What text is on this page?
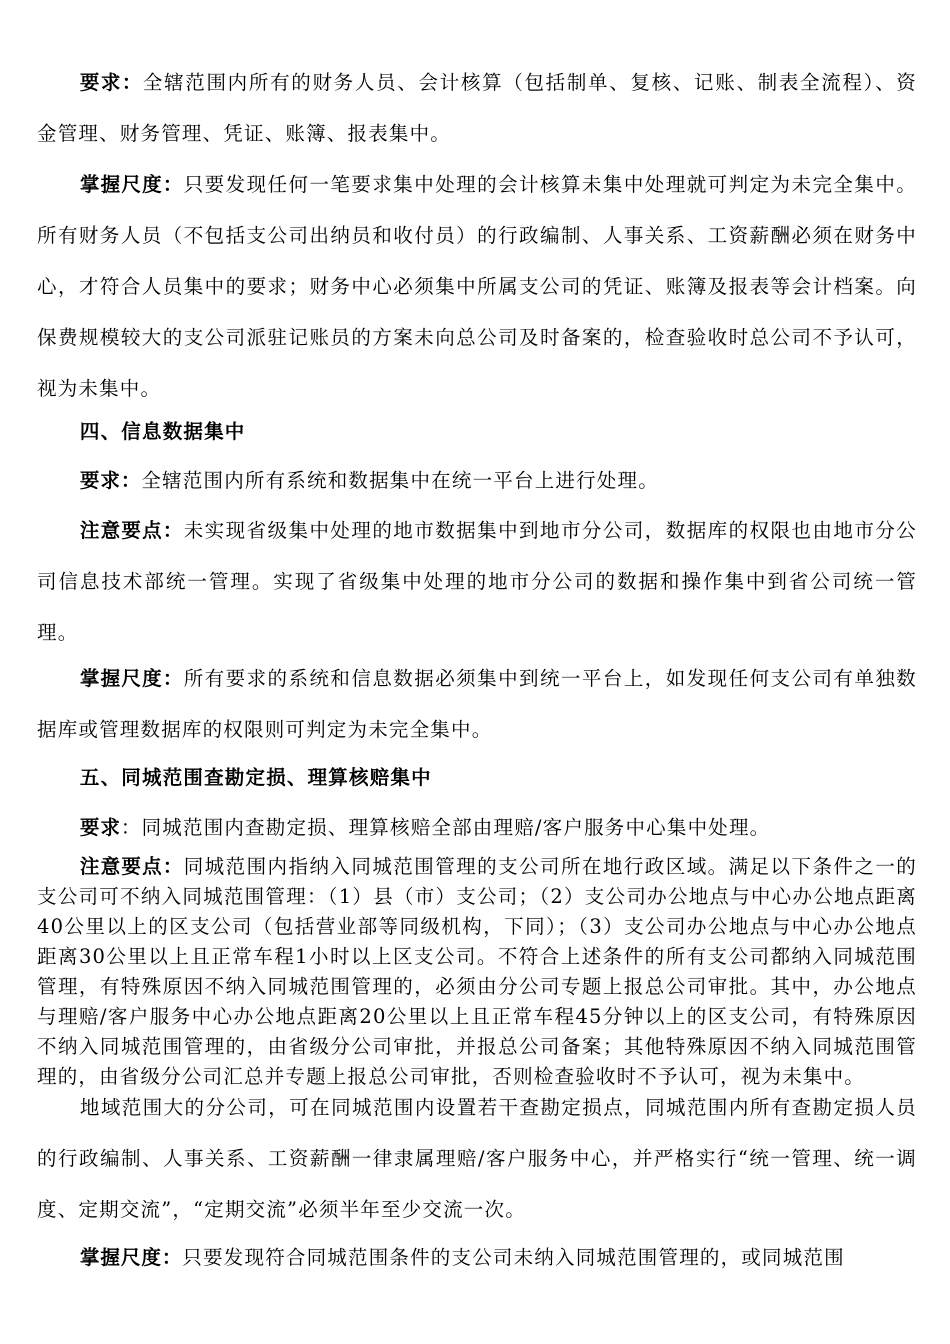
要求：全辖范围内所有的财务人员、会计核算（包括制单、复核、记账、制表全流程）、资金管理、财务管理、凭证、账簿、报表集中。

掌握尺度：只要发现任何一笔要求集中处理的会计核算未集中处理就可判定为未完全集中。所有财务人员（不包括支公司出纳员和收付员）的行政编制、人事关系、工资薪酬必须在财务中心，才符合人员集中的要求；财务中心必须集中所属支公司的凭证、账簿及报表等会计档案。向保费规模较大的支公司派驻记账员的方案未向总公司及时备案的，检查验收时总公司不予认可，视为未集中。

四、信息数据集中

要求：全辖范围内所有系统和数据集中在统一平台上进行处理。

注意要点：未实现省级集中处理的地市数据集中到地市分公司，数据库的权限也由地市分公司信息技术部统一管理。实现了省级集中处理的地市分公司的数据和操作集中到省公司统一管理。

掌握尺度：所有要求的系统和信息数据必须集中到统一平台上，如发现任何支公司有单独数据库或管理数据库的权限则可判定为未完全集中。

五、同城范围查勘定损、理算核赔集中

要求：同城范围内查勘定损、理算核赔全部由理赔/客户服务中心集中处理。

注意要点：同城范围内指纳入同城范围管理的支公司所在地行政区域。满足以下条件之一的支公司可不纳入同城范围管理：（1）县（市）支公司；（2）支公司办公地点与中心办公地点距离40公里以上的区支公司（包括营业部等同级机构，下同）；（3）支公司办公地点与中心办公地点距离30公里以上且正常车程1小时以上区支公司。不符合上述条件的所有支公司都纳入同城范围管理，有特殊原因不纳入同城范围管理的，必须由分公司专题上报总公司审批。其中，办公地点与理赔/客户服务中心办公地点距离20公里以上且正常车程45分钟以上的区支公司，有特殊原因不纳入同城范围管理的，由省级分公司审批，并报总公司备案；其他特殊原因不纳入同城范围管理的，由省级分公司汇总并专题上报总公司审批，否则检查验收时不予认可，视为未集中。

地域范围大的分公司，可在同城范围内设置若干查勘定损点，同城范围内所有查勘定损人员的行政编制、人事关系、工资薪酬一律隶属理赔/客户服务中心，并严格实行“统一管理、统一调度、定期交流”，“定期交流”必须半年至少交流一次。

掌握尺度：只要发现符合同城范围条件的支公司未纳入同城范围管理的，或同城范围
